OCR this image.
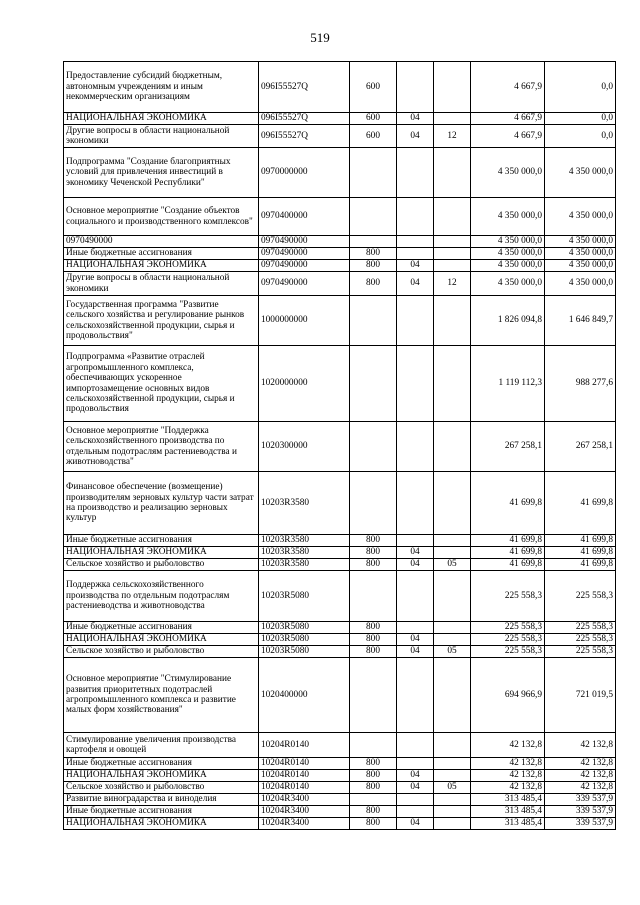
519
Предоставление субсидий бюджетным, автономным учреждениям и иным некоммерческим организациям	096I55527Q	600			4 667,9	0,0
НАЦИОНАЛЬНАЯ ЭКОНОМИКА	096I55527Q	600	04		4 667,9	0,0
Другие вопросы в области национальной экономики	096I55527Q	600	04	12	4 667,9	0,0
Подпрограмма "Создание благоприятных условий для привлечения инвестиций в экономику Чеченской Республики"	0970000000				4 350 000,0	4 350 000,0
Основное мероприятие "Создание объектов социального и производственного комплексов"	0970400000				4 350 000,0	4 350 000,0
0970490000	0970490000				4 350 000,0	4 350 000,0
Иные бюджетные ассигнования	0970490000	800			4 350 000,0	4 350 000,0
НАЦИОНАЛЬНАЯ ЭКОНОМИКА	0970490000	800	04		4 350 000,0	4 350 000,0
Другие вопросы в области национальной экономики	0970490000	800	04	12	4 350 000,0	4 350 000,0
Государственная программа "Развитие сельского хозяйства и регулирование рынков сельскохозяйственной продукции, сырья и продовольствия"	1000000000				1 826 094,8	1 646 849,7
Подпрограмма «Развитие отраслей агропромышленного комплекса, обеспечивающих ускоренное импортозамещение основных видов сельскохозяйственной продукции, сырья и продовольствия	1020000000				1 119 112,3	988 277,6
Основное мероприятие "Поддержка сельскохозяйственного производства по отдельным подотраслям растениеводства и животноводства"	1020300000				267 258,1	267 258,1
Финансовое обеспечение (возмещение) производителям зерновых культур части затрат на производство и реализацию зерновых культур	10203R3580				41 699,8	41 699,8
Иные бюджетные ассигнования	10203R3580	800			41 699,8	41 699,8
НАЦИОНАЛЬНАЯ ЭКОНОМИКА	10203R3580	800	04		41 699,8	41 699,8
Сельское хозяйство и рыболовство	10203R3580	800	04	05	41 699,8	41 699,8
Поддержка сельскохозяйственного производства по отдельным подотраслям растениеводства и животноводства	10203R5080				225 558,3	225 558,3
Иные бюджетные ассигнования	10203R5080	800			225 558,3	225 558,3
НАЦИОНАЛЬНАЯ ЭКОНОМИКА	10203R5080	800	04		225 558,3	225 558,3
Сельское хозяйство и рыболовство	10203R5080	800	04	05	225 558,3	225 558,3
Основное мероприятие "Стимулирование развития приоритетных подотраслей агропромышленного комплекса и развитие малых форм хозяйствования"	1020400000				694 966,9	721 019,5
Стимулирование увеличения производства картофеля и овощей	10204R0140				42 132,8	42 132,8
Иные бюджетные ассигнования	10204R0140	800			42 132,8	42 132,8
НАЦИОНАЛЬНАЯ ЭКОНОМИКА	10204R0140	800	04		42 132,8	42 132,8
Сельское хозяйство и рыболовство	10204R0140	800	04	05	42 132,8	42 132,8
Развитие виноградарства и виноделия	10204R3400				313 485,4	339 537,9
Иные бюджетные ассигнования	10204R3400	800			313 485,4	339 537,9
НАЦИОНАЛЬНАЯ ЭКОНОМИКА	10204R3400	800	04		313 485,4	339 537,9
